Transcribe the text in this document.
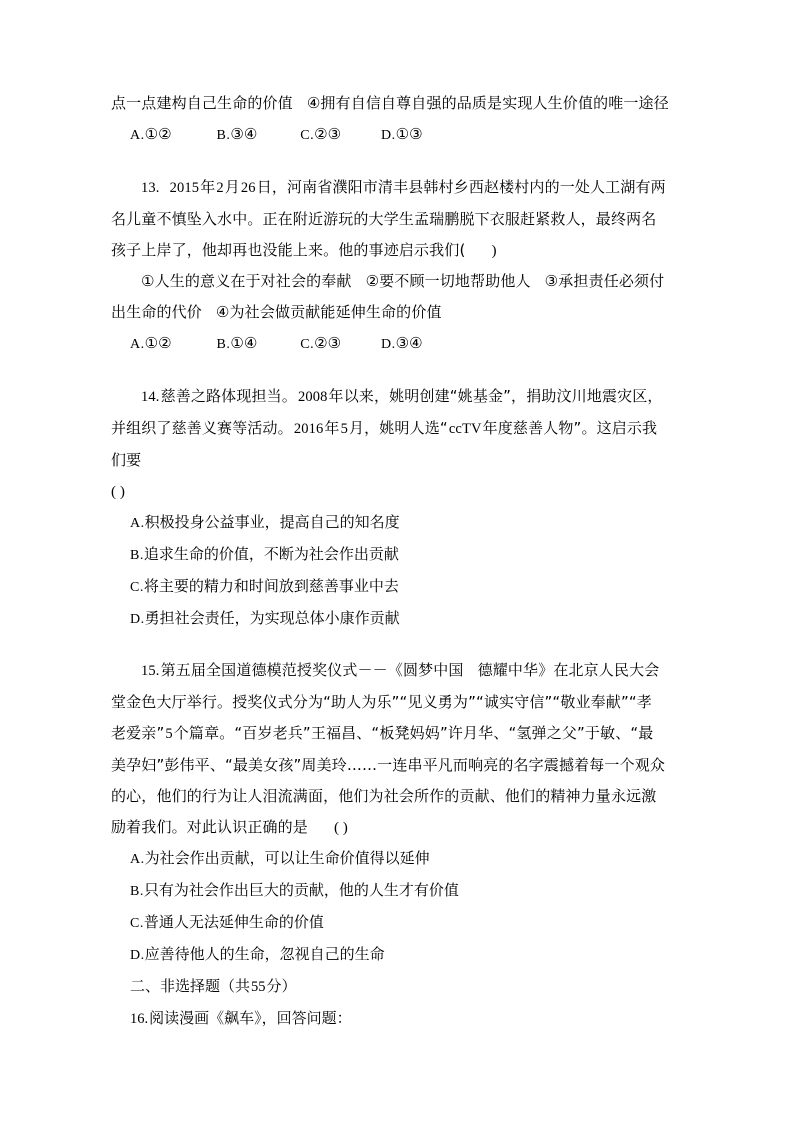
点一点建构自己生命的价值 ④拥有自信自尊自强的品质是实现人生价值的唯一途径
A.①②	B.③④	C.②③	D.①③
13. 2015年2月26日，河南省濮阳市清丰县韩村乡西赵楼村内的一处人工湖有两名儿童不慎坠入水中。正在附近游玩的大学生孟瑞鹏脱下衣服赶紧救人，最终两名孩子上岸了，他却再也没能上来。他的事迹启示我们( )
①人生的意义在于对社会的奉献 ②要不顾一切地帮助他人 ③承担责任必须付出生命的代价 ④为社会做贡献能延伸生命的价值
A.①②	B.①④	C.②③	D.③④
14.慈善之路体现担当。2008年以来，姚明创建“姚基金”，捐助汶川地震灾区，并组织了慈善义赛等活动。2016年5月，姚明人选“ccTV年度慈善人物”。这启示我们要
( )
A.积极投身公益事业，提高自己的知名度
B.追求生命的价值，不断为社会作出贡献
C.将主要的精力和时间放到慈善事业中去
D.勇担社会责任，为实现总体小康作贡献
15.第五届全国道德模范授奖仪式－－《圆梦中国 德耀中华》在北京人民大会堂金色大厅举行。授奖仪式分为“助人为乐”“见义勇为”“诚实守信”“敬业奉献”“孝老爱亲”5个篇章。“百岁老兵”王福昌、“板凳妈妈”许月华、“氢弹之父”于敏、“最美孕妇”彭伟平、“最美女孩”周美玲……一连串平凡而响亮的名字震撼着每一个观众的心，他们的行为让人泪流满面，他们为社会所作的贡献、他们的精神力量永远激励着我们。对此认识正确的是 ( )
A.为社会作出贡献，可以让生命价值得以延伸
B.只有为社会作出巨大的贡献，他的人生才有价值
C.普通人无法延伸生命的价值
D.应善待他人的生命，忽视自己的生命
二、非选择题（共55分）
16.阅读漫画《飙车》，回答问题：
